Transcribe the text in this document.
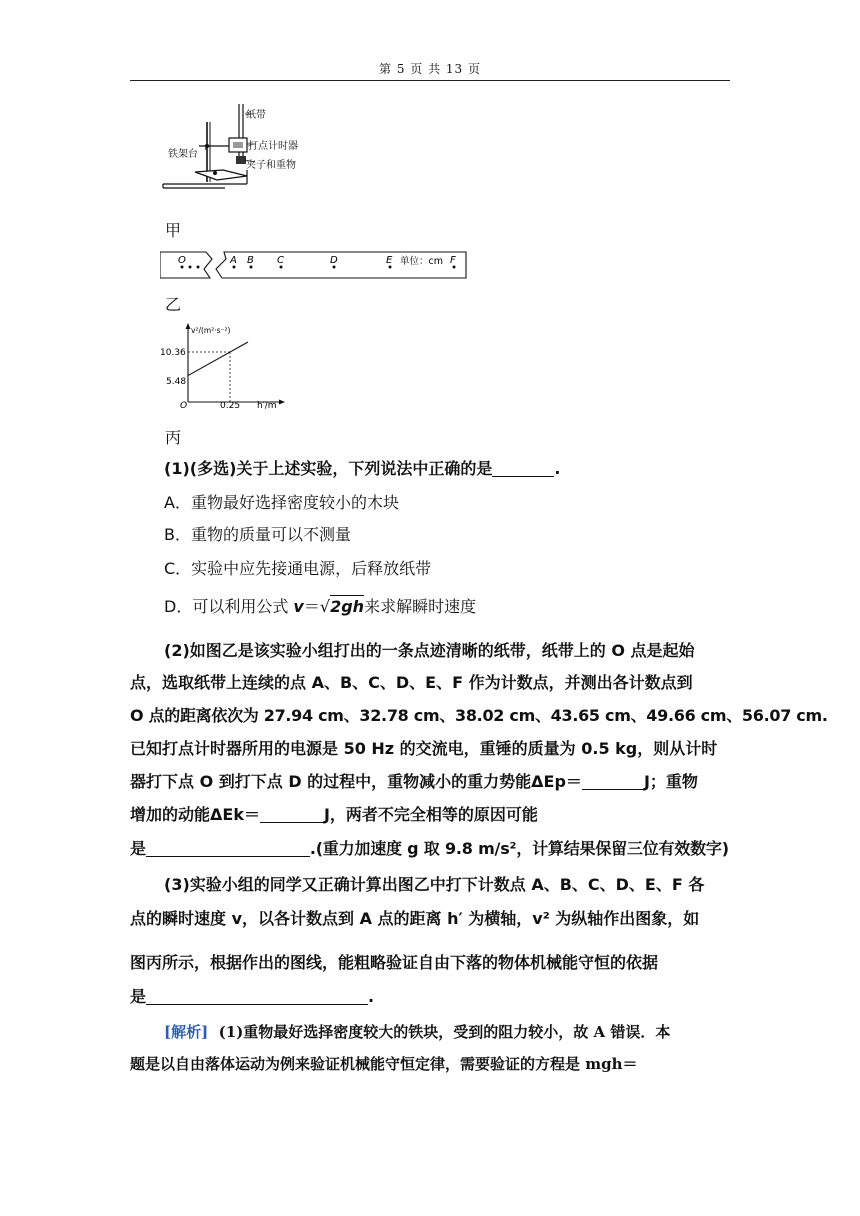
第 5 页 共 13 页
纸带
打点计时器
铁架台
夹子和重物
甲
O	A B C	D	E 单位：cm F
乙
v²/(m²·s⁻²)
10.36
5.48
O	0.25 h′/m
丙
(1)(多选)关于上述实验，下列说法中正确的是	.
A．重物最好选择密度较小的木块
B．重物的质量可以不测量
C．实验中应先接通电源，后释放纸带
D．可以利用公式 v＝√2gh来求解瞬时速度
(2)如图乙是该实验小组打出的一条点迹清晰的纸带，纸带上的 O 点是起始
点，选取纸带上连续的点 A、B、C、D、E、F 作为计数点，并测出各计数点到
O 点的距离依次为 27.94 cm、32.78 cm、38.02 cm、43.65 cm、49.66 cm、56.07 cm.
已知打点计时器所用的电源是 50 Hz 的交流电，重锤的质量为 0.5 kg，则从计时
器打下点 O 到打下点 D 的过程中，重物减小的重力势能ΔEp＝	J；重物
增加的动能ΔEk＝	J，两者不完全相等的原因可能
是	.(重力加速度 g 取 9.8 m/s²，计算结果保留三位有效数字)
(3)实验小组的同学又正确计算出图乙中打下计数点 A、B、C、D、E、F 各
点的瞬时速度 v，以各计数点到 A 点的距离 h′ 为横轴，v² 为纵轴作出图象，如
图丙所示，根据作出的图线，能粗略验证自由下落的物体机械能守恒的依据
是	.
[解析] (1)重物最好选择密度较大的铁块，受到的阻力较小，故 A 错误．本
题是以自由落体运动为例来验证机械能守恒定律，需要验证的方程是 mgh＝
